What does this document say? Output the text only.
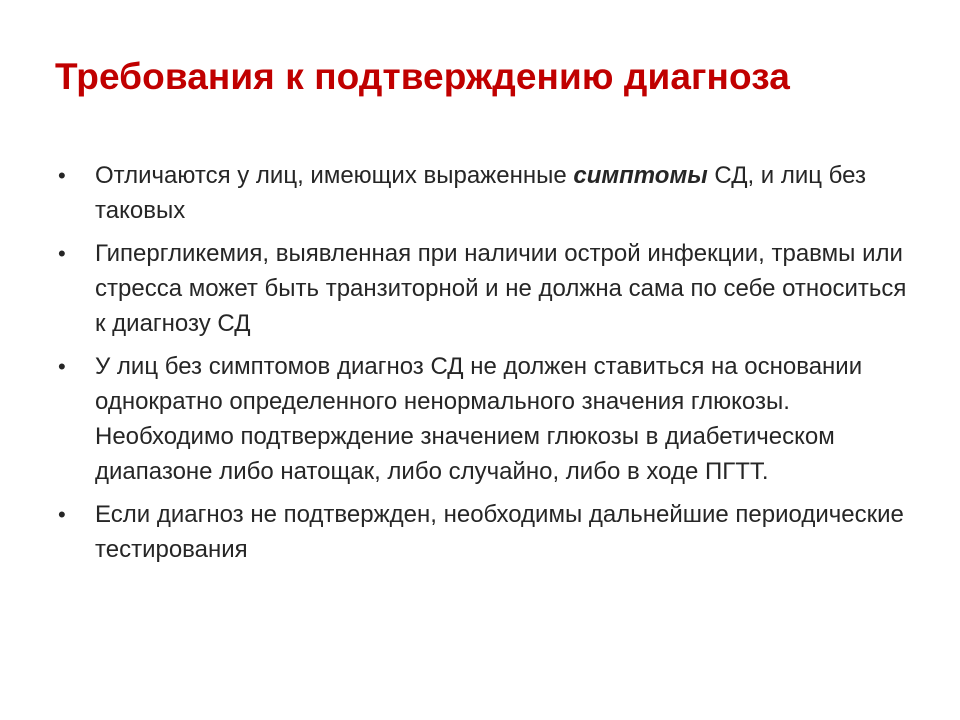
Требования к подтверждению диагноза
• Отличаются у лиц, имеющих выраженные симптомы СД, и лиц без таковых
• Гипергликемия, выявленная при наличии острой инфекции, травмы или стресса может быть транзиторной и не должна сама по себе относиться к диагнозу СД
• У лиц без симптомов диагноз СД не должен ставиться на основании однократно определенного ненормального значения глюкозы. Необходимо подтверждение значением глюкозы в диабетическом диапазоне либо натощак, либо случайно, либо в ходе ПГТТ.
• Если диагноз не подтвержден, необходимы дальнейшие периодические тестирования
